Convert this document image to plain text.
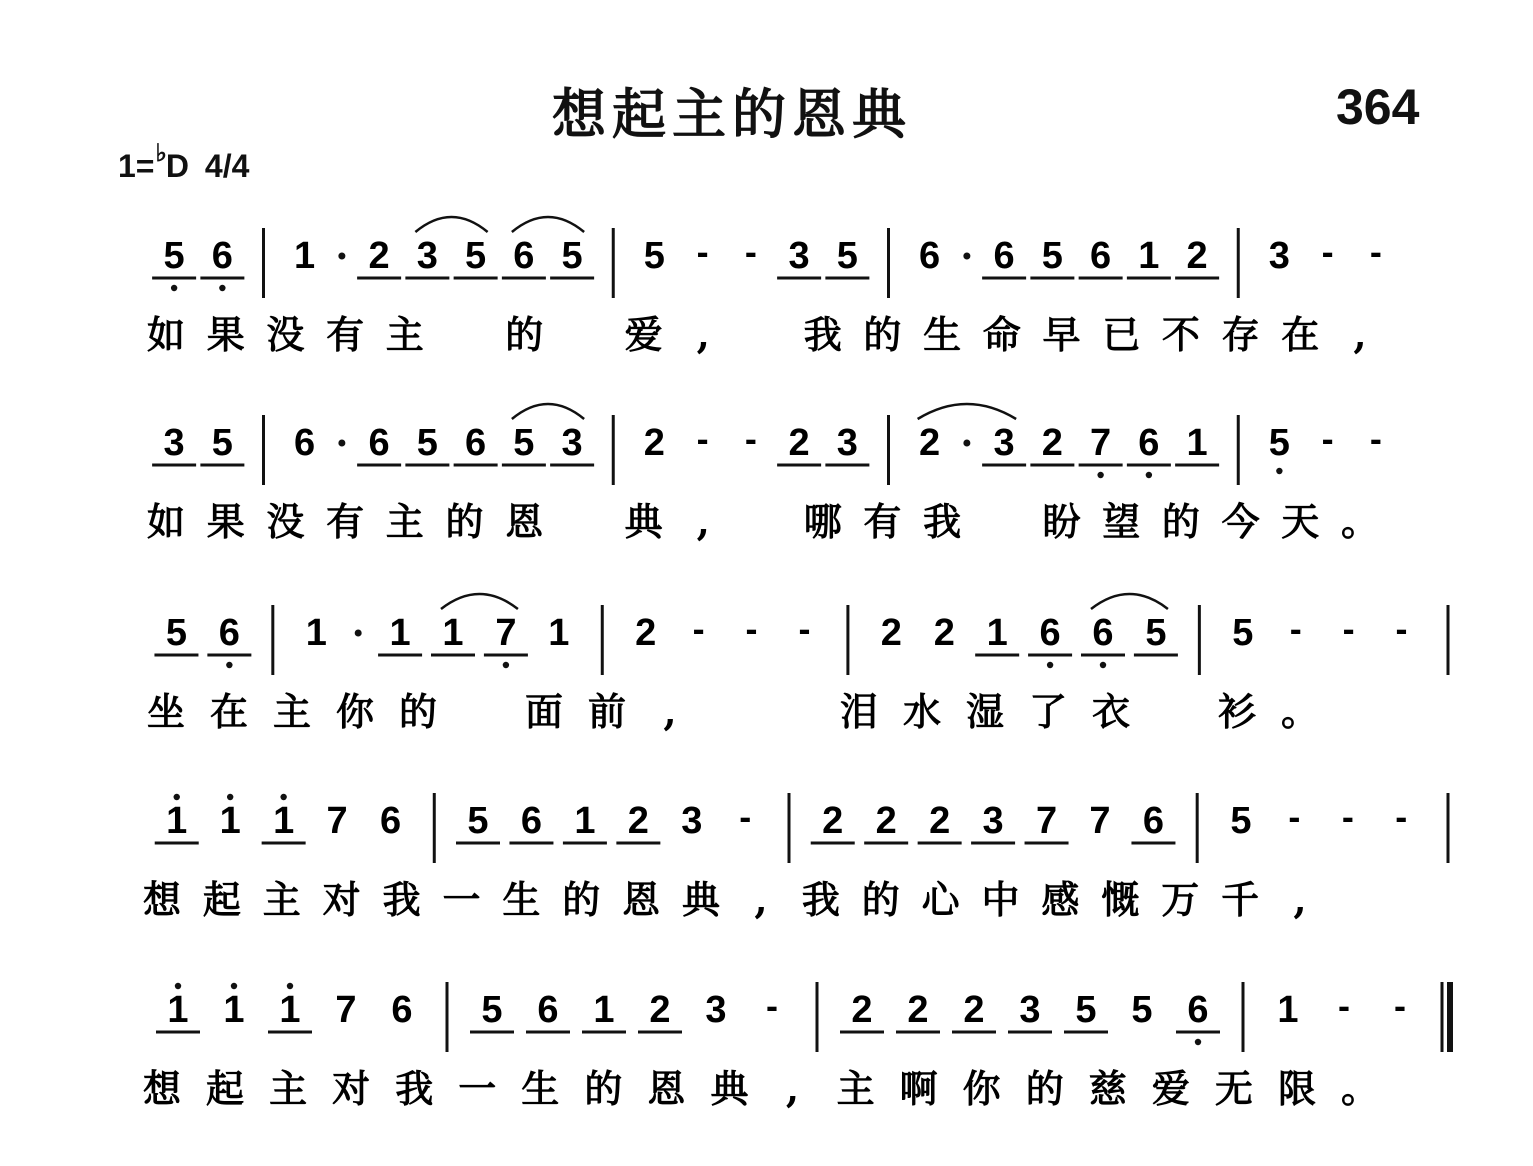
想起主的恩典	364
1=♭D 4/4
5 6 1 2 3 5 6 5 5 - - 3 5 6 6 5 6 1 2 3 - -
如 果 没 有 主 的 爱 , 我 的 生 命 早 已 不 存 在 ,
3 5 6 6 5 6 5 3 2 - - 2 3 2 3 2 7 6 1 5 - -
如 果 没 有 主 的 恩 典 , 哪 有 我 盼 望 的 今 天 。
5 6 1 1 1 7 1 2 - - - 2 2 1 6 6 5 5 - - -
坐 在 主 你 的 面 前 ,	泪 水 湿 了 衣 衫 。
1 1 1 7 6 5 6 1 2 3 - 2 2 2 3 7 7 6 5 - - -
想 起 主 对 我 一 生 的 恩 典 , 我 的 心 中 感 慨 万 千 ,
1 1 1 7 6 5 6 1 2 3 - 2 2 2 3 5 5 6 1 - -
想 起 主 对 我 一 生 的 恩 典 , 主 啊 你 的 慈 爱 无 限 。
